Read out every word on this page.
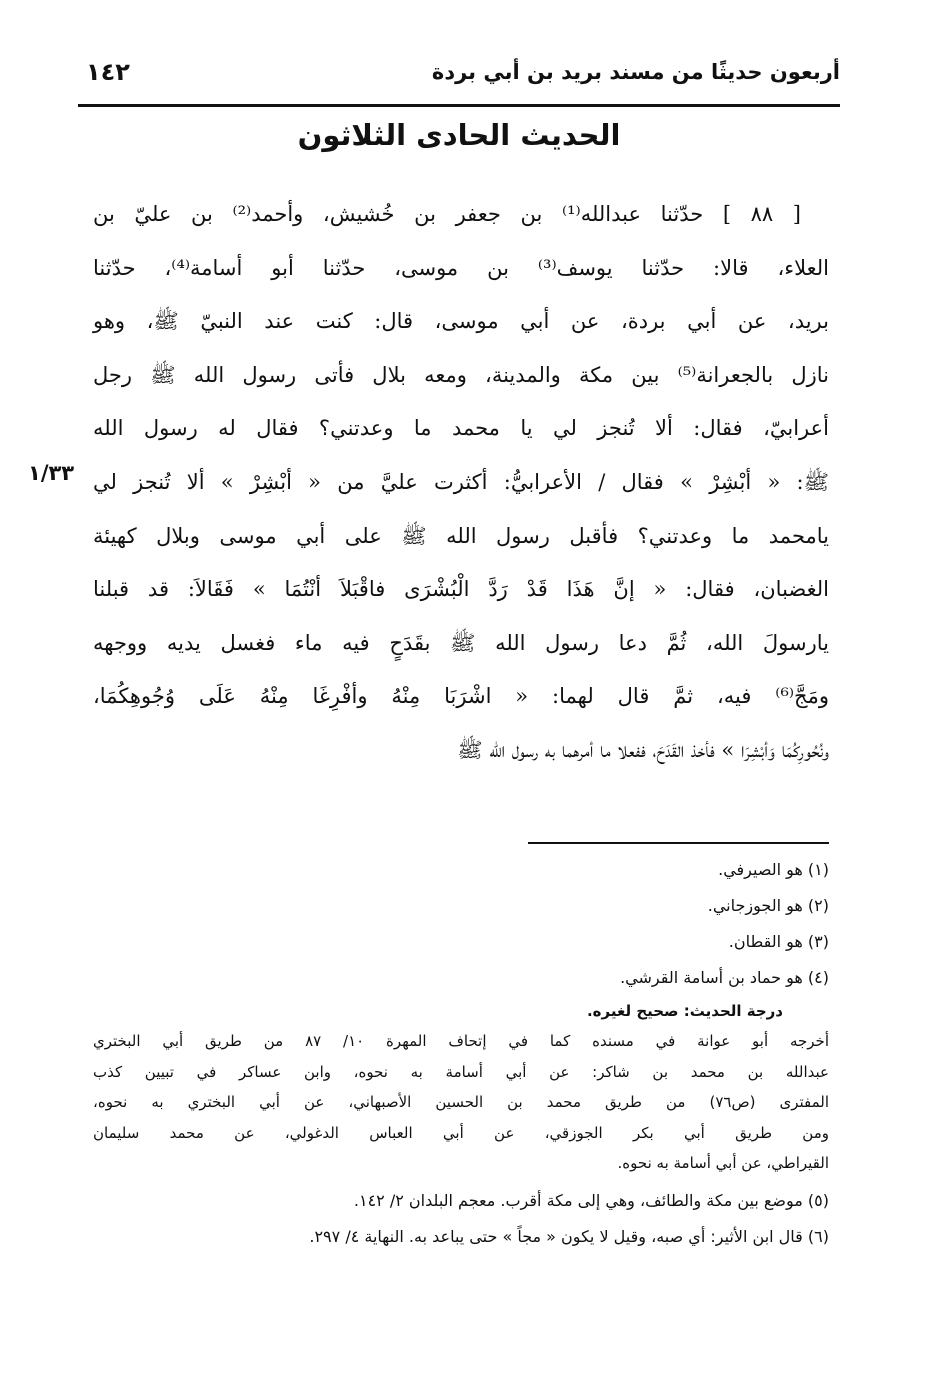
أربعون حديثًا من مسند بريد بن أبي بردة
١٤٢
الحديث الحادى الثلاثون
١/٣٣
[ ٨٨ ] حدّثنا عبدالله⁽¹⁾ بن جعفر بن خُشيش، وأحمد⁽²⁾ بن عليّ بن
العلاء، قالا: حدّثنا يوسف⁽³⁾ بن موسى، حدّثنا أبو أسامة⁽⁴⁾، حدّثنا
بريد، عن أبي بردة، عن أبي موسى، قال: كنت عند النبيّ ﷺ، وهو
نازل بالجعرانة⁽⁵⁾ بين مكة والمدينة، ومعه بلال فأتى رسول الله ﷺ رجل
أعرابيّ، فقال: ألا تُنجز لي يا محمد ما وعدتني؟ فقال له رسول الله
ﷺ: « أبْشِرْ » فقال / الأعرابيُّ: أكثرت عليَّ من « أبْشِرْ » ألا تُنجز لي
يامحمد ما وعدتني؟ فأقبل رسول الله ﷺ على أبي موسى وبلال كهيئة
الغضبان، فقال: « إنَّ هَذَا قَدْ رَدَّ الْبُشْرَى فاقْبَلاَ أنْتُمَا » فَقَالاَ: قد قبلنا
يارسولَ الله، ثُمَّ دعا رسول الله ﷺ بقَدَحٍ فيه ماء فغسل يديه ووجهه
ومَجَّ⁽⁶⁾ فيه، ثمَّ قال لهما: « اشْرَبَا مِنْهُ وأفْرِغَا مِنْهُ عَلَى وُجُوهِكُمَا،
ونُحُورِكُمَا وَأبْشِرَا » فأخذ القَدَحَ، ففعلا ما أمرهما به رسول الله ﷺ
(١) هو الصيرفي.
(٢) هو الجوزجاني.
(٣) هو القطان.
(٤) هو حماد بن أسامة القرشي.
درجة الحديث: صحيح لغيره.
أخرجه أبو عوانة في مسنده كما في إتحاف المهرة ١٠/ ٨٧ من طريق أبي البختري
عبدالله بن محمد بن شاكر: عن أبي أسامة به نحوه، وابن عساكر في تبيين كذب
المفترى (ص٧٦) من طريق محمد بن الحسين الأصبهاني، عن أبي البختري به نحوه،
ومن طريق أبي بكر الجوزقي، عن أبي العباس الدغولي، عن محمد سليمان
القيراطي، عن أبي أسامة به نحوه.
(٥) موضع بين مكة والطائف، وهي إلى مكة أقرب. معجم البلدان ٢/ ١٤٢.
(٦) قال ابن الأثير: أي صبه، وقيل لا يكون « مجاً » حتى يباعد به. النهاية ٤/ ٢٩٧.
